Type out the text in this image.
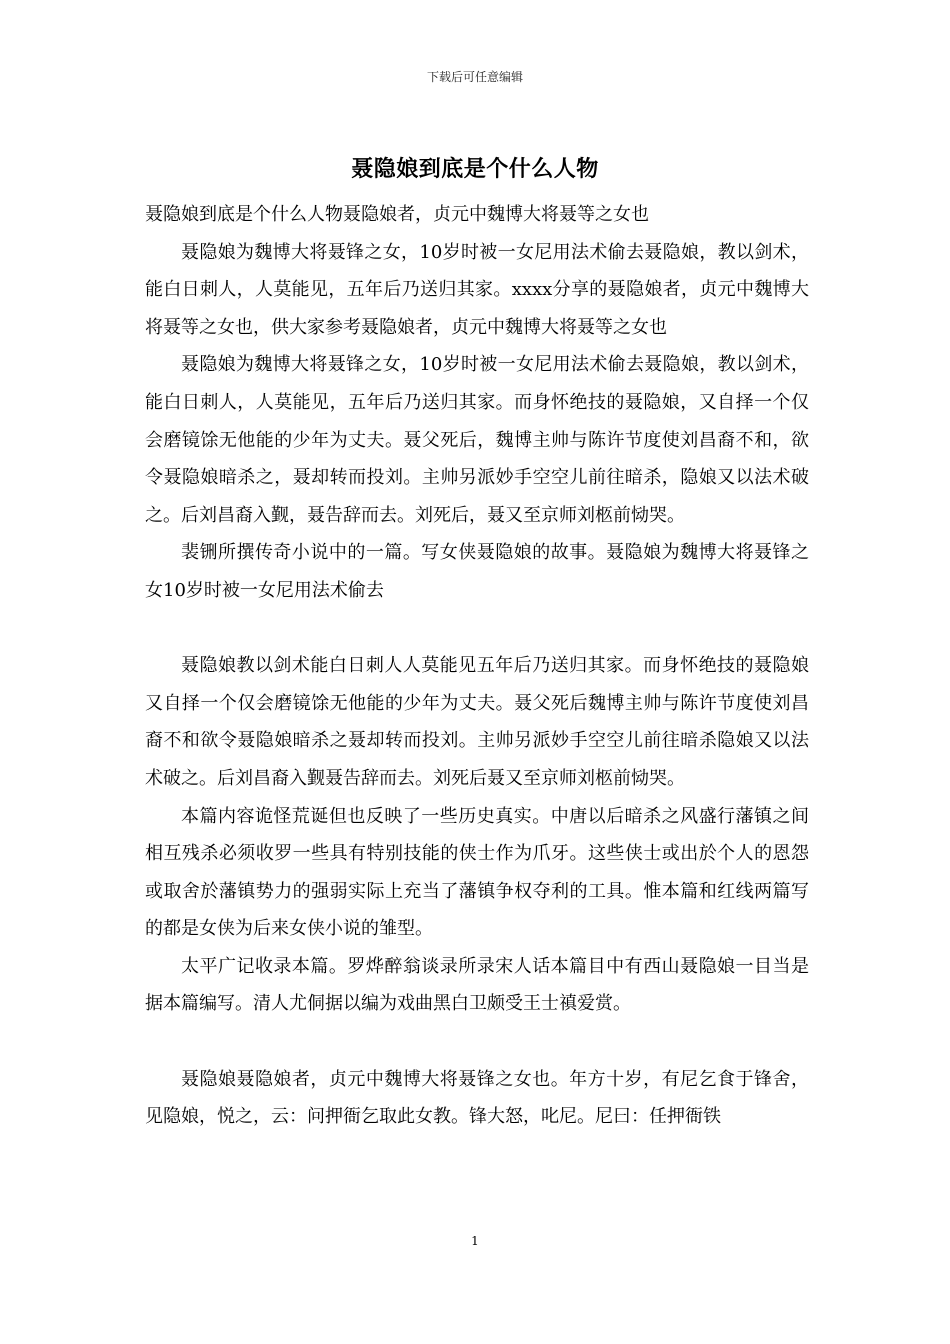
下载后可任意编辑
聂隐娘到底是个什么人物

聂隐娘到底是个什么人物聂隐娘者，贞元中魏博大将聂等之女也

聂隐娘为魏博大将聂锋之女，10岁时被一女尼用法术偷去聂隐娘，教以剑术，能白日刺人，人莫能见，五年后乃送归其家。xxxx分享的聂隐娘者，贞元中魏博大将聂等之女也，供大家参考聂隐娘者，贞元中魏博大将聂等之女也

聂隐娘为魏博大将聂锋之女，10岁时被一女尼用法术偷去聂隐娘，教以剑术，能白日刺人，人莫能见，五年后乃送归其家。而身怀绝技的聂隐娘，又自择一个仅会磨镜馀无他能的少年为丈夫。聂父死后，魏博主帅与陈许节度使刘昌裔不和，欲令聂隐娘暗杀之，聂却转而投刘。主帅另派妙手空空儿前往暗杀，隐娘又以法术破之。后刘昌裔入觐，聂告辞而去。刘死后，聂又至京师刘柩前恸哭。

裴铏所撰传奇小说中的一篇。写女侠聂隐娘的故事。聂隐娘为魏博大将聂锋之女10岁时被一女尼用法术偷去

聂隐娘教以剑术能白日刺人人莫能见五年后乃送归其家。而身怀绝技的聂隐娘又自择一个仅会磨镜馀无他能的少年为丈夫。聂父死后魏博主帅与陈许节度使刘昌裔不和欲令聂隐娘暗杀之聂却转而投刘。主帅另派妙手空空儿前往暗杀隐娘又以法术破之。后刘昌裔入觐聂告辞而去。刘死后聂又至京师刘柩前恸哭。

本篇内容诡怪荒诞但也反映了一些历史真实。中唐以后暗杀之风盛行藩镇之间相互残杀必须收罗一些具有特别技能的侠士作为爪牙。这些侠士或出於个人的恩怨或取舍於藩镇势力的强弱实际上充当了藩镇争权夺利的工具。惟本篇和红线两篇写的都是女侠为后来女侠小说的雏型。

太平广记收录本篇。罗烨醉翁谈录所录宋人话本篇目中有西山聂隐娘一目当是据本篇编写。清人尤侗据以编为戏曲黑白卫颇受王士禛爱赏。

聂隐娘聂隐娘者，贞元中魏博大将聂锋之女也。年方十岁，有尼乞食于锋舍，见隐娘，悦之，云：问押衙乞取此女教。锋大怒，叱尼。尼曰：任押衙铁

1
